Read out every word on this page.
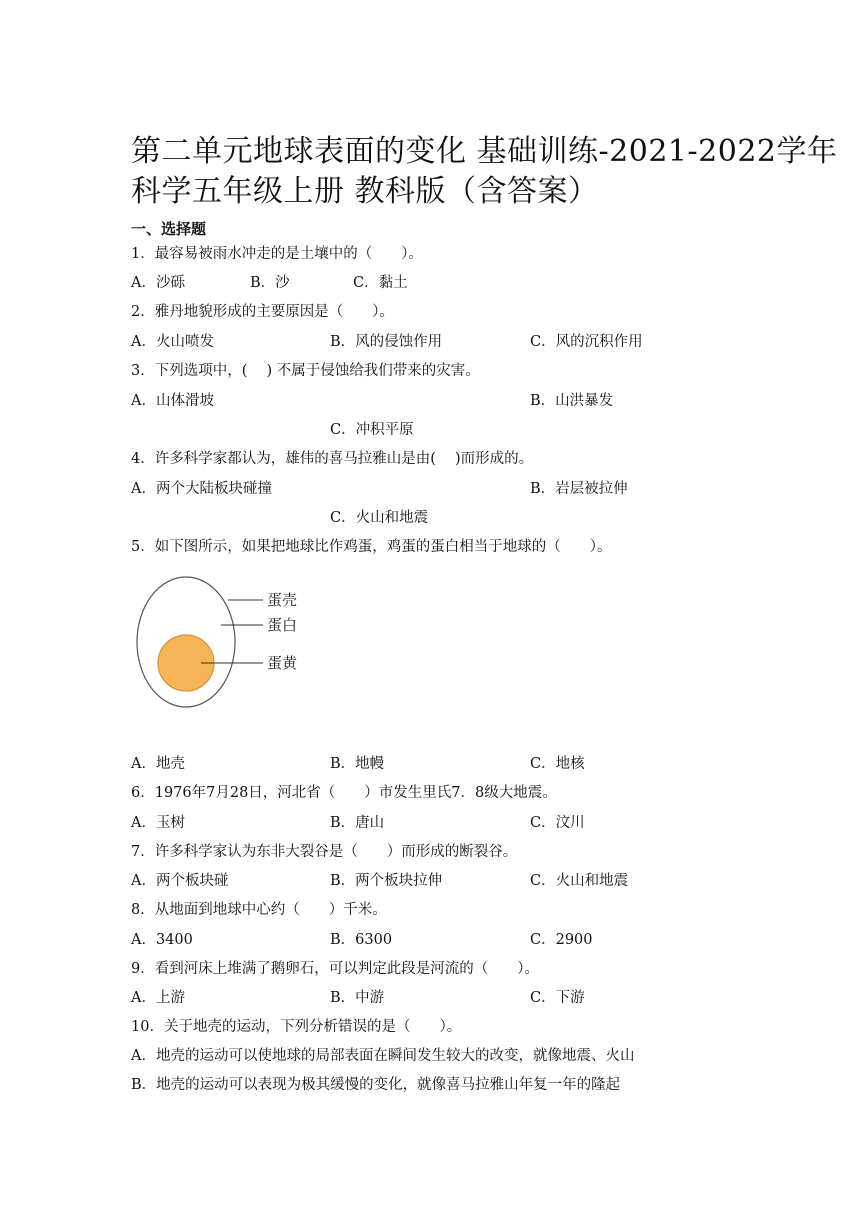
第二单元地球表面的变化 基础训练-2021-2022学年
科学五年级上册 教科版（含答案）
一、选择题
1．最容易被雨水冲走的是土壤中的（　　）。
A．沙砾	B．沙	C．黏土
2．雅丹地貌形成的主要原因是（　　）。
A．火山喷发	B．风的侵蚀作用	C．风的沉积作用
3．下列选项中，(　 ) 不属于侵蚀给我们带来的灾害。
A．山体滑坡	B．山洪暴发
C．冲积平原
4．许多科学家都认为，雄伟的喜马拉雅山是由(　 )而形成的。
A．两个大陆板块碰撞	B．岩层被拉伸
C．火山和地震
5．如下图所示，如果把地球比作鸡蛋，鸡蛋的蛋白相当于地球的（　　）。
蛋壳
蛋白
蛋黄
A．地壳	B．地幔	C．地核
6．1976年7月28日，河北省（　　）市发生里氏7．8级大地震。
A．玉树	B．唐山	C．汶川
7．许多科学家认为东非大裂谷是（　　）而形成的断裂谷。
A．两个板块碰	B．两个板块拉伸	C．火山和地震
8．从地面到地球中心约（　　）千米。
A．3400	B．6300	C．2900
9．看到河床上堆满了鹅卵石，可以判定此段是河流的（　　）。
A．上游	B．中游	C．下游
10．关于地壳的运动，下列分析错误的是（　　）。
A．地壳的运动可以使地球的局部表面在瞬间发生较大的改变，就像地震、火山
B．地壳的运动可以表现为极其缓慢的变化，就像喜马拉雅山年复一年的隆起
